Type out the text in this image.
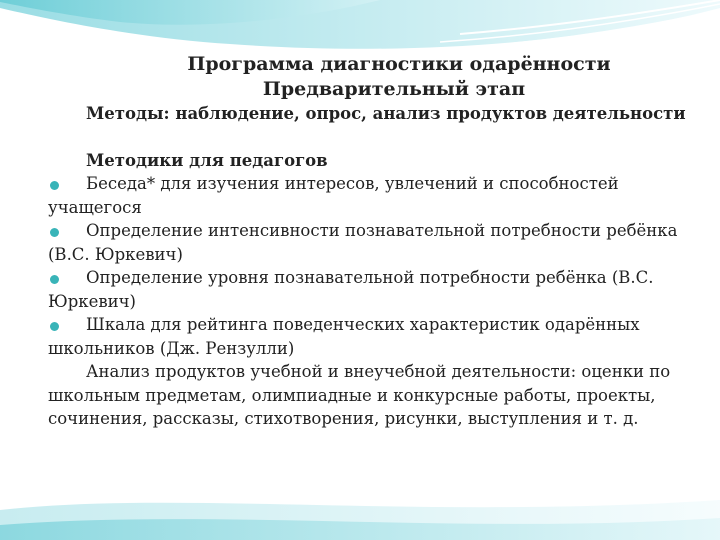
Программа диагностики одарённости

Предварительный этап

Методы: наблюдение, опрос, анализ продуктов деятельности

Методики для педагогов

Беседа* для изучения интересов, увлечений и способностей учащегося
Определение интенсивности познавательной потребности ребёнка (В.С. Юркевич)
Определение уровня познавательной потребности ребёнка (В.С. Юркевич)
Шкала для рейтинга поведенческих характеристик одарённых школьников (Дж. Рензулли)

Анализ продуктов учебной и внеучебной деятельности: оценки по школьным предметам, олимпиадные и конкурсные работы, проекты, сочинения, рассказы, стихотворения, рисунки, выступления и т. д.
